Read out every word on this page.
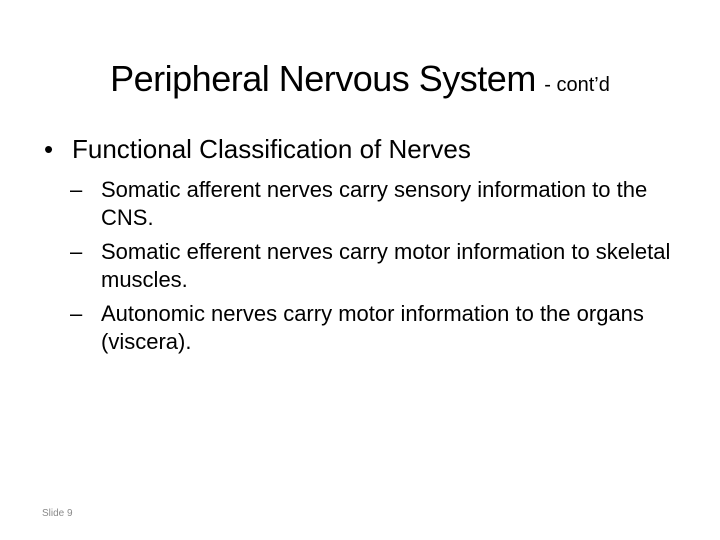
Peripheral Nervous System - cont’d
• Functional Classification of Nerves
– Somatic afferent nerves carry sensory information to the CNS.
– Somatic efferent nerves carry motor information to skeletal muscles.
– Autonomic nerves carry motor information to the organs (viscera).
Slide 9
